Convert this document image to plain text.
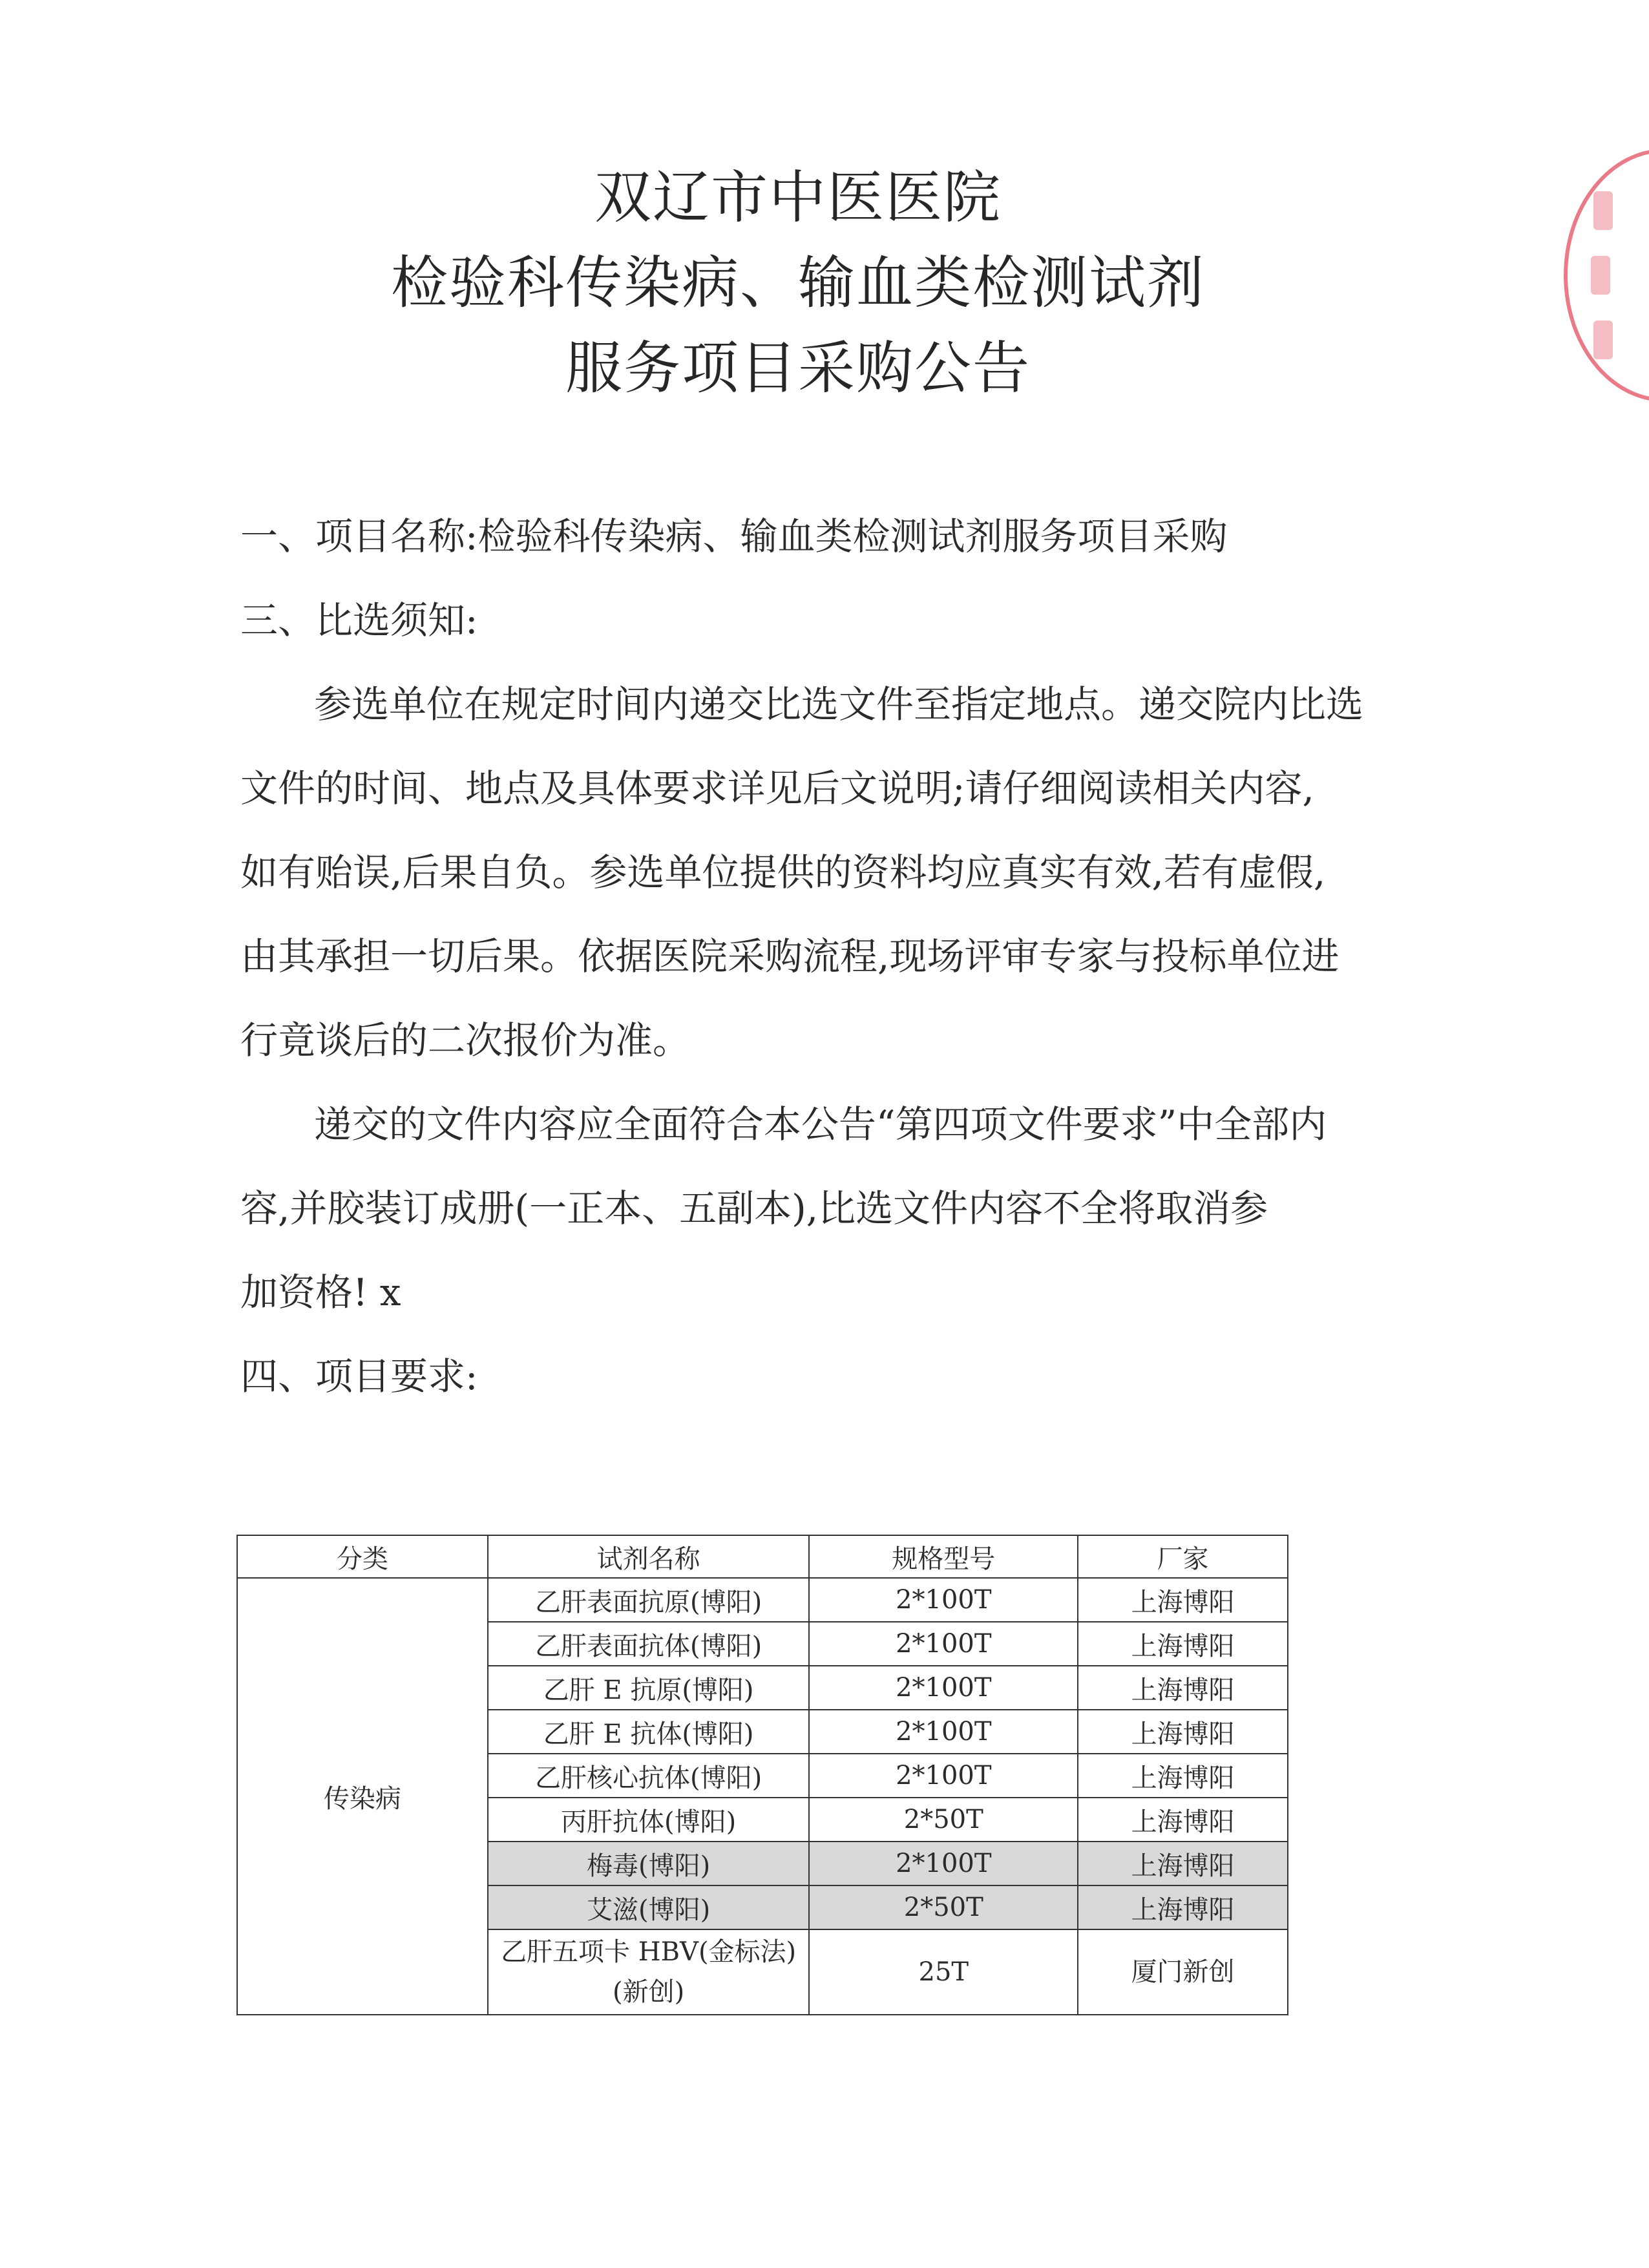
双辽市中医医院
检验科传染病、输血类检测试剂
服务项目采购公告
一、项目名称:检验科传染病、输血类检测试剂服务项目采购
三、比选须知:
参选单位在规定时间内递交比选文件至指定地点。递交院内比选
文件的时间、地点及具体要求详见后文说明;请仔细阅读相关内容,
如有贻误,后果自负。参选单位提供的资料均应真实有效,若有虚假,
由其承担一切后果。依据医院采购流程,现场评审专家与投标单位进
行竟谈后的二次报价为准。
递交的文件内容应全面符合本公告“第四项文件要求”中全部内
容,并胶装订成册(一正本、五副本),比选文件内容不全将取消参
加资格! x
四、项目要求:
分类	试剂名称	规格型号	厂家
传染病	乙肝表面抗原(博阳)	2*100T	上海博阳
	乙肝表面抗体(博阳)	2*100T	上海博阳
	乙肝 E 抗原(博阳)	2*100T	上海博阳
	乙肝 E 抗体(博阳)	2*100T	上海博阳
	乙肝核心抗体(博阳)	2*100T	上海博阳
	丙肝抗体(博阳)	2*50T	上海博阳
	梅毒(博阳)	2*100T	上海博阳
	艾滋(博阳)	2*50T	上海博阳
	乙肝五项卡 HBV(金标法)(新创)	25T	厦门新创
